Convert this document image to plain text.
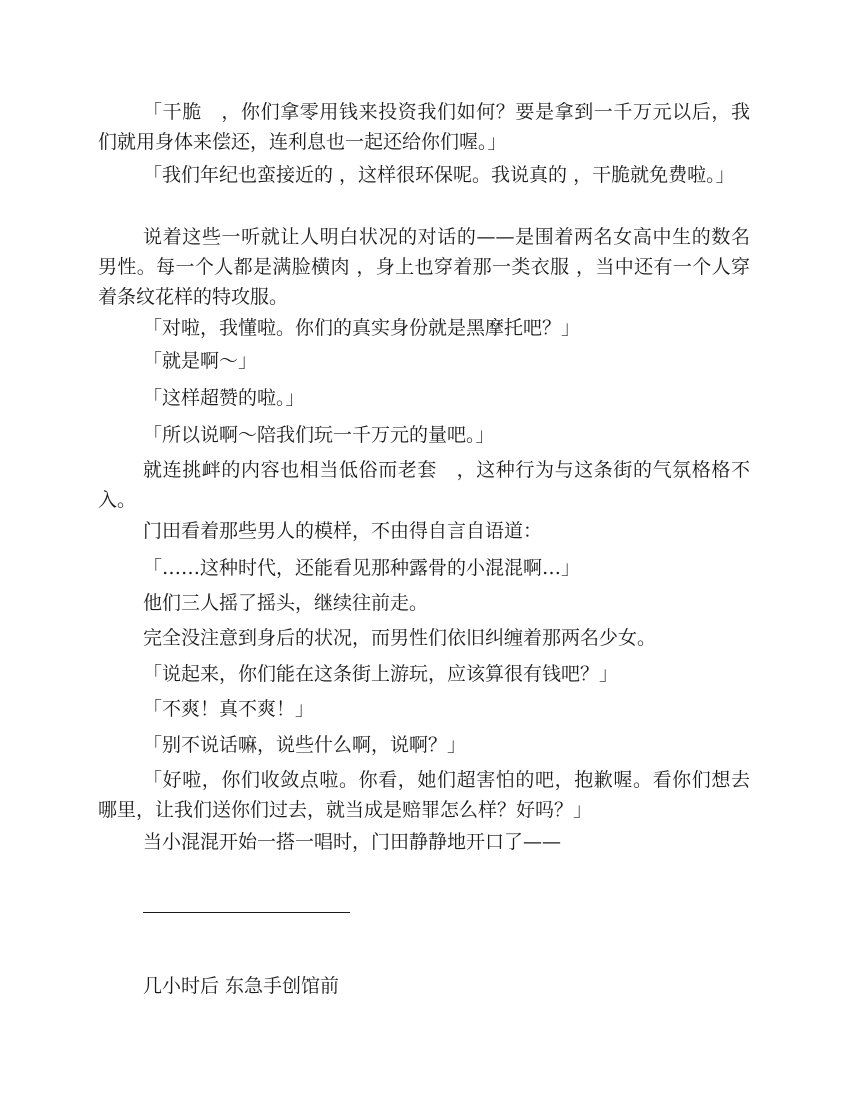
「干脆　，你们拿零用钱来投资我们如何？要是拿到一千万元以后，我们就用身体来偿还，连利息也一起还给你们喔。」

「我们年纪也蛮接近的 ，这样很环保呢。我说真的 ，干脆就免费啦。」

说着这些一听就让人明白状况的对话的——是围着两名女高中生的数名男性。每一个人都是满脸横肉 ，身上也穿着那一类衣服 ，当中还有一个人穿着条纹花样的特攻服。

「对啦，我懂啦。你们的真实身份就是黑摩托吧？」

「就是啊～」

「这样超赞的啦。」

「所以说啊～陪我们玩一千万元的量吧。」

就连挑衅的内容也相当低俗而老套　，这种行为与这条街的气氛格格不入。

门田看着那些男人的模样，不由得自言自语道：

「……这种时代，还能看见那种露骨的小混混啊…」

他们三人摇了摇头，继续往前走。

完全没注意到身后的状况，而男性们依旧纠缠着那两名少女。

「说起来，你们能在这条街上游玩，应该算很有钱吧？」

「不爽！真不爽！」

「别不说话嘛，说些什么啊，说啊？」

「好啦，你们收敛点啦。你看，她们超害怕的吧，抱歉喔。看你们想去哪里，让我们送你们过去，就当成是赔罪怎么样？好吗？」

当小混混开始一搭一唱时，门田静静地开口了——

几小时后 东急手创馆前
